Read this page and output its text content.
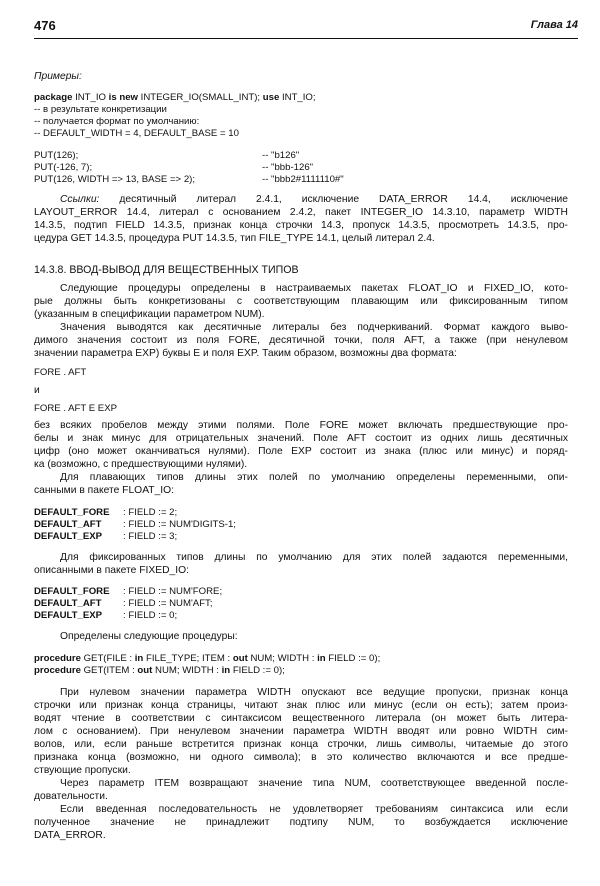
476	Глава 14
Примеры:
package INT_IO is new INTEGER_IO(SMALL_INT); use INT_IO;
-- в результате конкретизации
-- получается формат по умолчанию:
-- DEFAULT_WIDTH = 4, DEFAULT_BASE = 10
PUT(126);	-- "b126"
PUT(-126, 7);	-- "bbb-126"
PUT(126, WIDTH => 13, BASE => 2);	-- "bbb2#1111110#"
Ссылки: десятичный литерал 2.4.1, исключение DATA_ERROR 14.4, исключение
LAYOUT_ERROR 14.4, литерал с основанием 2.4.2, пакет INTEGER_IO 14.3.10, параметр WIDTH
14.3.5, подтип FIELD 14.3.5, признак конца строчки 14.3, пропуск 14.3.5, просмотреть 14.3.5, про-
цедура GET 14.3.5, процедура PUT 14.3.5, тип FILE_TYPE 14.1, целый литерал 2.4.
14.3.8. ВВОД-ВЫВОД ДЛЯ ВЕЩЕСТВЕННЫХ ТИПОВ
Следующие процедуры определены в настраиваемых пакетах FLOAT_IO и FIXED_IO, кото-
рые должны быть конкретизованы с соответствующим плавающим или фиксированным типом
(указанным в спецификации параметром NUM).
Значения выводятся как десятичные литералы без подчеркиваний. Формат каждого выво-
димого значения состоит из поля FORE, десятичной точки, поля AFT, а также (при ненулевом
значении параметра EXP) буквы E и поля EXP. Таким образом, возможны два формата:
FORE . AFT
и
FORE . AFT E EXP
без всяких пробелов между этими полями. Поле FORE может включать предшествующие про-
белы и знак минус для отрицательных значений. Поле AFT состоит из одних лишь десятичных
цифр (оно может оканчиваться нулями). Поле EXP состоит из знака (плюс или минус) и поряд-
ка (возможно, с предшествующими нулями).
Для плавающих типов длины этих полей по умолчанию определены переменными, опи-
санными в пакете FLOAT_IO:
DEFAULT_FORE : FIELD := 2;
DEFAULT_AFT : FIELD := NUM'DIGITS-1;
DEFAULT_EXP : FIELD := 3;
Для фиксированных типов длины по умолчанию для этих полей задаются переменными,
описанными в пакете FIXED_IO:
DEFAULT_FORE : FIELD := NUM'FORE;
DEFAULT_AFT : FIELD := NUM'AFT;
DEFAULT_EXP : FIELD := 0;
Определены следующие процедуры:
procedure GET(FILE : in FILE_TYPE; ITEM : out NUM; WIDTH : in FIELD := 0);
procedure GET(ITEM : out NUM; WIDTH : in FIELD := 0);
При нулевом значении параметра WIDTH опускают все ведущие пропуски, признак конца
строчки или признак конца страницы, читают знак плюс или минус (если он есть); затем произ-
водят чтение в соответствии с синтаксисом вещественного литерала (он может быть литера-
лом с основанием). При ненулевом значении параметра WIDTH вводят или ровно WIDTH сим-
волов, или, если раньше встретится признак конца строчки, лишь символы, читаемые до этого
признака конца (возможно, ни одного символа); в это количество включаются и все предше-
ствующие пропуски.
Через параметр ITEM возвращают значение типа NUM, соответствующее введенной после-
довательности.
Если введенная последовательность не удовлетворяет требованиям синтаксиса или если
полученное значение не принадлежит подтипу NUM, то возбуждается исключение
DATA_ERROR.
